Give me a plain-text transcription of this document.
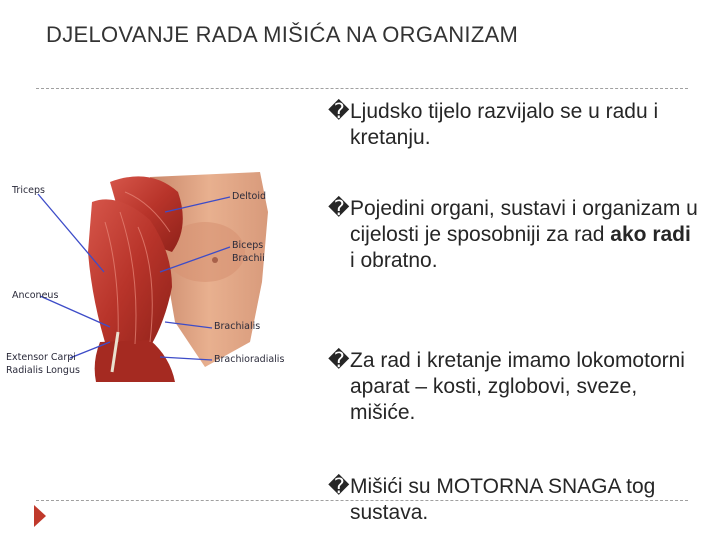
DJELOVANJE RADA MIŠIĆA NA ORGANIZAM
Triceps
Deltoid
Biceps
Brachii
Anconeus
Brachialis
Extensor Carpi
Radialis Longus
Brachioradialis
� Ljudsko tijelo razvijalo se u radu i kretanju.
� Pojedini organi, sustavi i organizam u cijelosti je sposobniji za rad ako radi i obratno.
� Za rad i kretanje imamo lokomotorni aparat – kosti, zglobovi, sveze, mišiće.
� Mišići su MOTORNA SNAGA tog sustava.
